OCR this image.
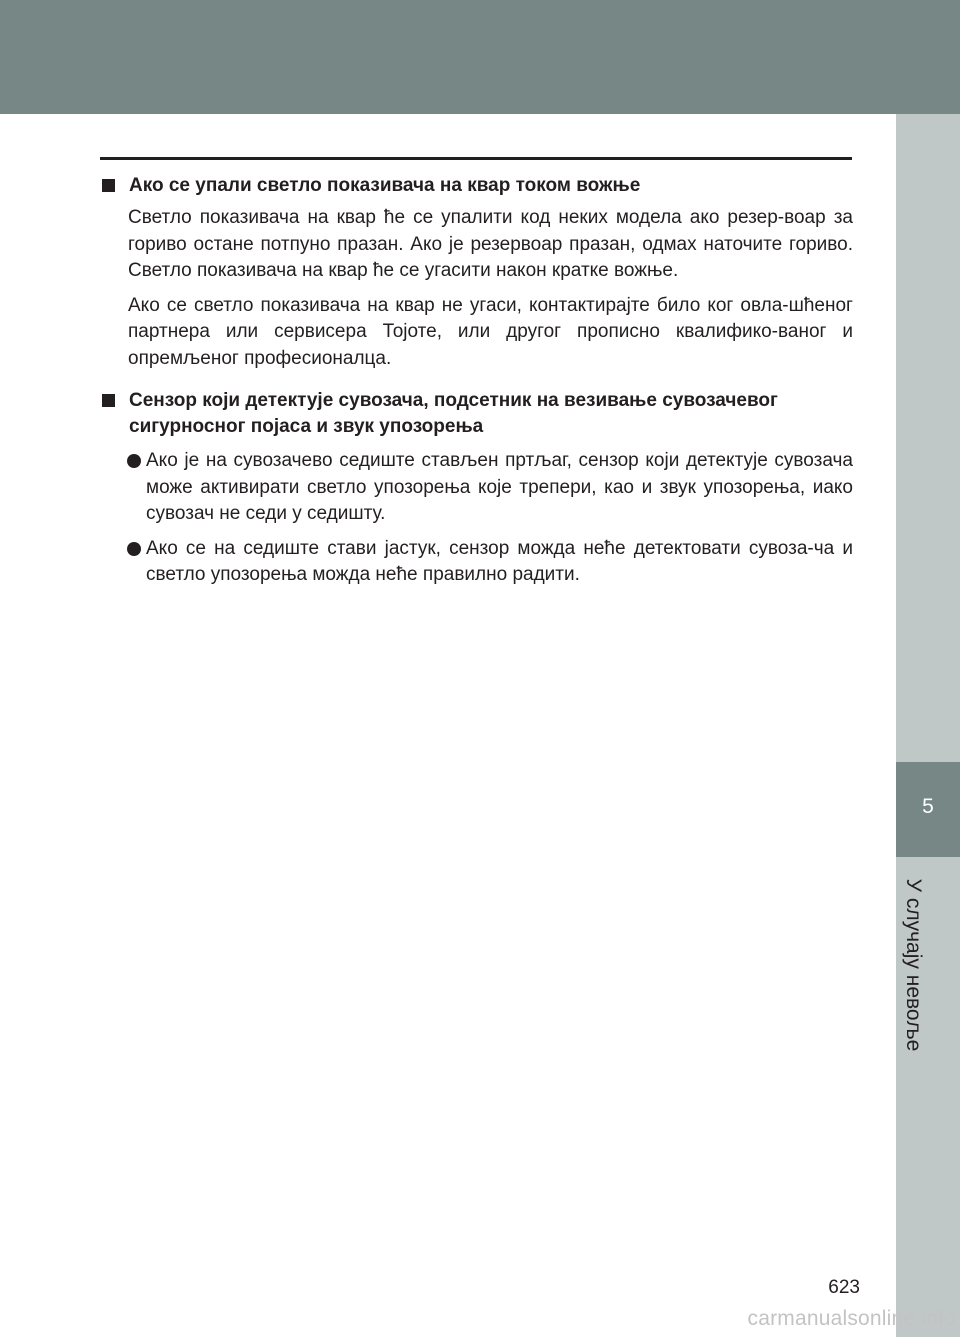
5
У случају невоље
Ако се упали светло показивача на квар током вожње

Светло показивача на квар ће се упалити код неких модела ако резер-воар за гориво остане потпуно празан. Ако је резервоар празан, одмах наточите гориво. Светло показивача на квар ће се угасити након кратке вожње.

Ако се светло показивача на квар не угаси, контактирајте било ког овла-шћеног партнера или сервисера Тојоте, или другог прописно квалифико-ваног и опремљеног професионалца.

Сензор који детектује сувозача, подсетник на везивање сувозачевог сигурносног појаса и звук упозорења
Ако је на сувозачево седиште стављен пртљаг, сензор који детектује сувозача може активирати светло упозорења које трепери, као и звук упозорења, иако сувозач не седи у седишту.
Ако се на седиште стави јастук, сензор можда неће детектовати сувоза-ча и светло упозорења можда неће правилно радити.
623
carmanualsonline.info
